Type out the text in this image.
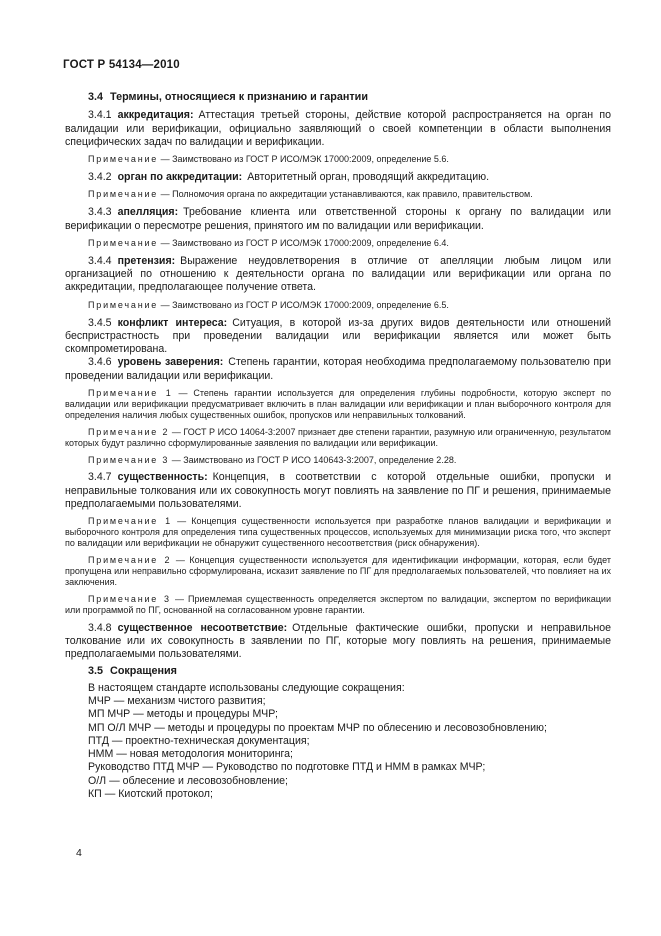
ГОСТ Р 54134—2010

3.4 Термины, относящиеся к признанию и гарантии

3.4.1 аккредитация: Аттестация третьей стороны, действие которой распространяется на орган по валидации или верификации, официально заявляющий о своей компетенции в области выполнения специфических задач по валидации и верификации.

Примечание — Заимствовано из ГОСТ Р ИСО/МЭК 17000:2009, определение 5.6.

3.4.2 орган по аккредитации: Авторитетный орган, проводящий аккредитацию.

Примечание — Полномочия органа по аккредитации устанавливаются, как правило, правительством.

3.4.3 апелляция: Требование клиента или ответственной стороны к органу по валидации или верификации о пересмотре решения, принятого им по валидации или верификации.

Примечание — Заимствовано из ГОСТ Р ИСО/МЭК 17000:2009, определение 6.4.

3.4.4 претензия: Выражение неудовлетворения в отличие от апелляции любым лицом или организацией по отношению к деятельности органа по валидации или верификации или органа по аккредитации, предполагающее получение ответа.

Примечание — Заимствовано из ГОСТ Р ИСО/МЭК 17000:2009, определение 6.5.

3.4.5 конфликт интереса: Ситуация, в которой из-за других видов деятельности или отношений беспристрастность при проведении валидации или верификации является или может быть скомпрометирована.

3.4.6 уровень заверения: Степень гарантии, которая необходима предполагаемому пользователю при проведении валидации или верификации.

Примечание 1 — Степень гарантии используется для определения глубины подробности, которую эксперт по валидации или верификации предусматривает включить в план валидации или верификации и план выборочного контроля для определения наличия любых существенных ошибок, пропусков или неправильных толкований.

Примечание 2 — ГОСТ Р ИСО 14064-3:2007 признает две степени гарантии, разумную или ограниченную, результатом которых будут различно сформулированные заявления по валидации или верификации.

Примечание 3 — Заимствовано из ГОСТ Р ИСО 140643-3:2007, определение 2.28.

3.4.7 существенность: Концепция, в соответствии с которой отдельные ошибки, пропуски и неправильные толкования или их совокупность могут повлиять на заявление по ПГ и решения, принимаемые предполагаемыми пользователями.

Примечание 1 — Концепция существенности используется при разработке планов валидации и верификации и выборочного контроля для определения типа существенных процессов, используемых для минимизации риска того, что эксперт по валидации или верификации не обнаружит существенного несоответствия (риск обнаружения).

Примечание 2 — Концепция существенности используется для идентификации информации, которая, если будет пропущена или неправильно сформулирована, исказит заявление по ПГ для предполагаемых пользователей, что повлияет на их заключения.

Примечание 3 — Приемлемая существенность определяется экспертом по валидации, экспертом по верификации или программой по ПГ, основанной на согласованном уровне гарантии.

3.4.8 существенное несоответствие: Отдельные фактические ошибки, пропуски и неправильное толкование или их совокупность в заявлении по ПГ, которые могу повлиять на решения, принимаемые предполагаемыми пользователями.

3.5 Сокращения

В настоящем стандарте использованы следующие сокращения:

МЧР — механизм чистого развития;

МП МЧР — методы и процедуры МЧР;

МП О/Л МЧР — методы и процедуры по проектам МЧР по облесению и лесовозобновлению;

ПТД — проектно-техническая документация;

НММ — новая методология мониторинга;

Руководство ПТД МЧР — Руководство по подготовке ПТД и НММ в рамках МЧР;

О/Л — облесение и лесовозобновление;

КП — Киотский протокол;

4
